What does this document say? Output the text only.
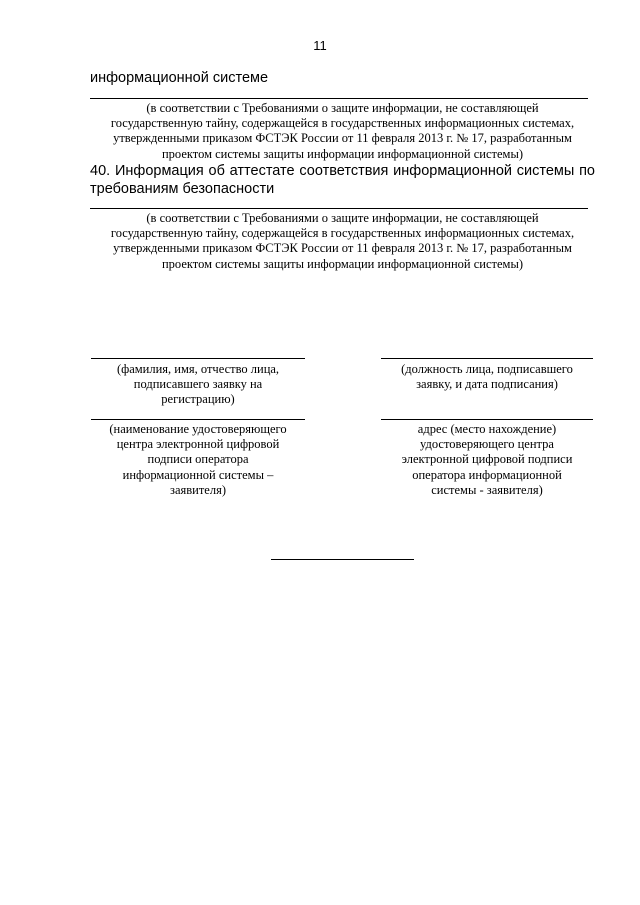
11
информационной системе
(в соответствии с Требованиями о защите информации, не составляющей
государственную тайну, содержащейся в государственных информационных системах,
утвержденными приказом ФСТЭК России от 11 февраля 2013 г. № 17, разработанным
проектом системы защиты информации информационной системы)
40. Информация об аттестате соответствия информационной системы по
требованиям безопасности
(в соответствии с Требованиями о защите информации, не составляющей
государственную тайну, содержащейся в государственных информационных системах,
утвержденными приказом ФСТЭК России от 11 февраля 2013 г. № 17, разработанным
проектом системы защиты информации информационной системы)
(фамилия, имя, отчество лица,
подписавшего заявку на
регистрацию)
(должность лица, подписавшего
заявку, и дата подписания)
(наименование удостоверяющего
центра электронной цифровой
подписи оператора
информационной системы –
заявителя)
адрес (место нахождение)
удостоверяющего центра
электронной цифровой подписи
оператора информационной
системы - заявителя)
